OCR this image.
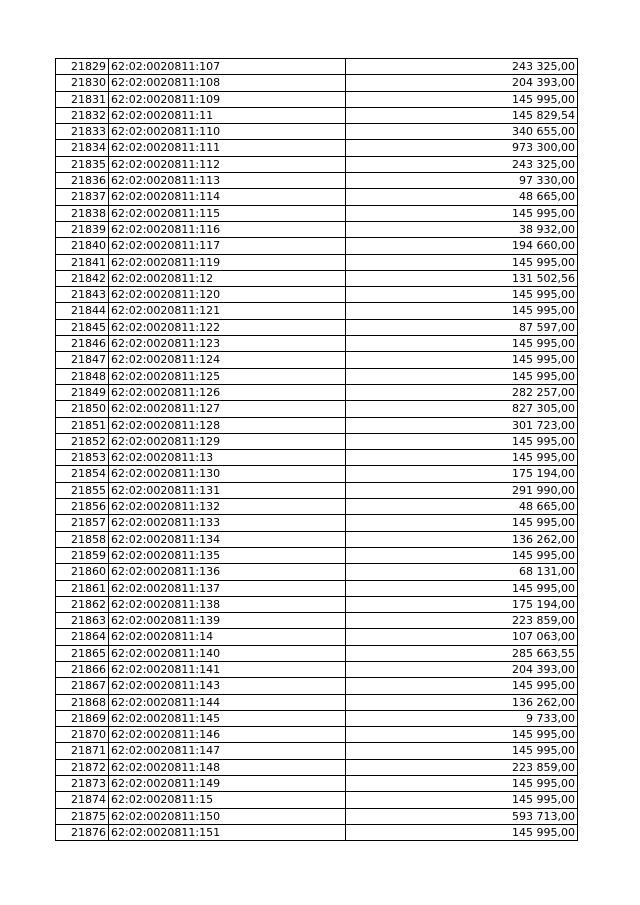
21829	62:02:0020811:107	243 325,00
21830	62:02:0020811:108	204 393,00
21831	62:02:0020811:109	145 995,00
21832	62:02:0020811:11	145 829,54
21833	62:02:0020811:110	340 655,00
21834	62:02:0020811:111	973 300,00
21835	62:02:0020811:112	243 325,00
21836	62:02:0020811:113	97 330,00
21837	62:02:0020811:114	48 665,00
21838	62:02:0020811:115	145 995,00
21839	62:02:0020811:116	38 932,00
21840	62:02:0020811:117	194 660,00
21841	62:02:0020811:119	145 995,00
21842	62:02:0020811:12	131 502,56
21843	62:02:0020811:120	145 995,00
21844	62:02:0020811:121	145 995,00
21845	62:02:0020811:122	87 597,00
21846	62:02:0020811:123	145 995,00
21847	62:02:0020811:124	145 995,00
21848	62:02:0020811:125	145 995,00
21849	62:02:0020811:126	282 257,00
21850	62:02:0020811:127	827 305,00
21851	62:02:0020811:128	301 723,00
21852	62:02:0020811:129	145 995,00
21853	62:02:0020811:13	145 995,00
21854	62:02:0020811:130	175 194,00
21855	62:02:0020811:131	291 990,00
21856	62:02:0020811:132	48 665,00
21857	62:02:0020811:133	145 995,00
21858	62:02:0020811:134	136 262,00
21859	62:02:0020811:135	145 995,00
21860	62:02:0020811:136	68 131,00
21861	62:02:0020811:137	145 995,00
21862	62:02:0020811:138	175 194,00
21863	62:02:0020811:139	223 859,00
21864	62:02:0020811:14	107 063,00
21865	62:02:0020811:140	285 663,55
21866	62:02:0020811:141	204 393,00
21867	62:02:0020811:143	145 995,00
21868	62:02:0020811:144	136 262,00
21869	62:02:0020811:145	9 733,00
21870	62:02:0020811:146	145 995,00
21871	62:02:0020811:147	145 995,00
21872	62:02:0020811:148	223 859,00
21873	62:02:0020811:149	145 995,00
21874	62:02:0020811:15	145 995,00
21875	62:02:0020811:150	593 713,00
21876	62:02:0020811:151	145 995,00
